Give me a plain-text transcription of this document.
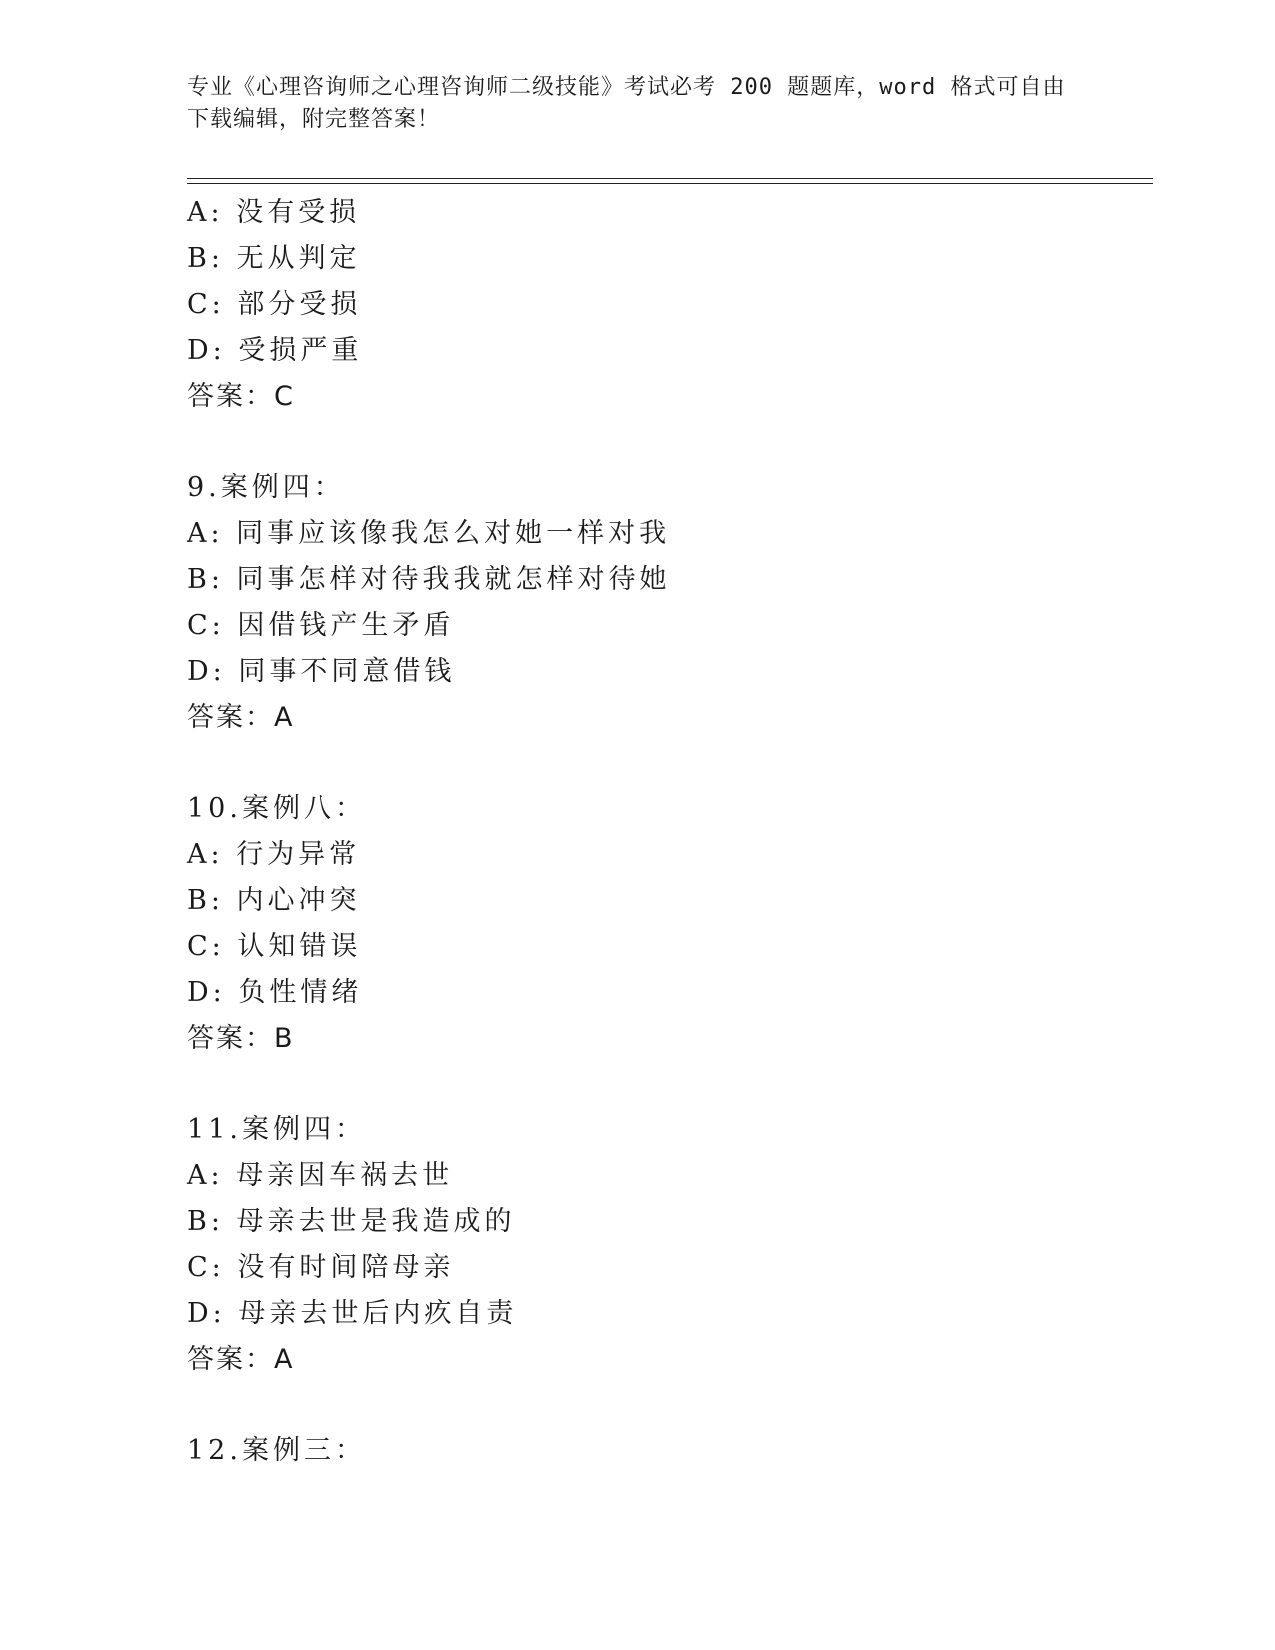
专业《心理咨询师之心理咨询师二级技能》考试必考 200 题题库，word 格式可自由下载编辑，附完整答案！
A: 没有受损
B: 无从判定
C: 部分受损
D: 受损严重
答案：C
9.案例四：
A: 同事应该像我怎么对她一样对我
B: 同事怎样对待我我就怎样对待她
C: 因借钱产生矛盾
D: 同事不同意借钱
答案：A
10.案例八：
A: 行为异常
B: 内心冲突
C: 认知错误
D: 负性情绪
答案：B
11.案例四：
A: 母亲因车祸去世
B: 母亲去世是我造成的
C: 没有时间陪母亲
D: 母亲去世后内疚自责
答案：A
12.案例三：
